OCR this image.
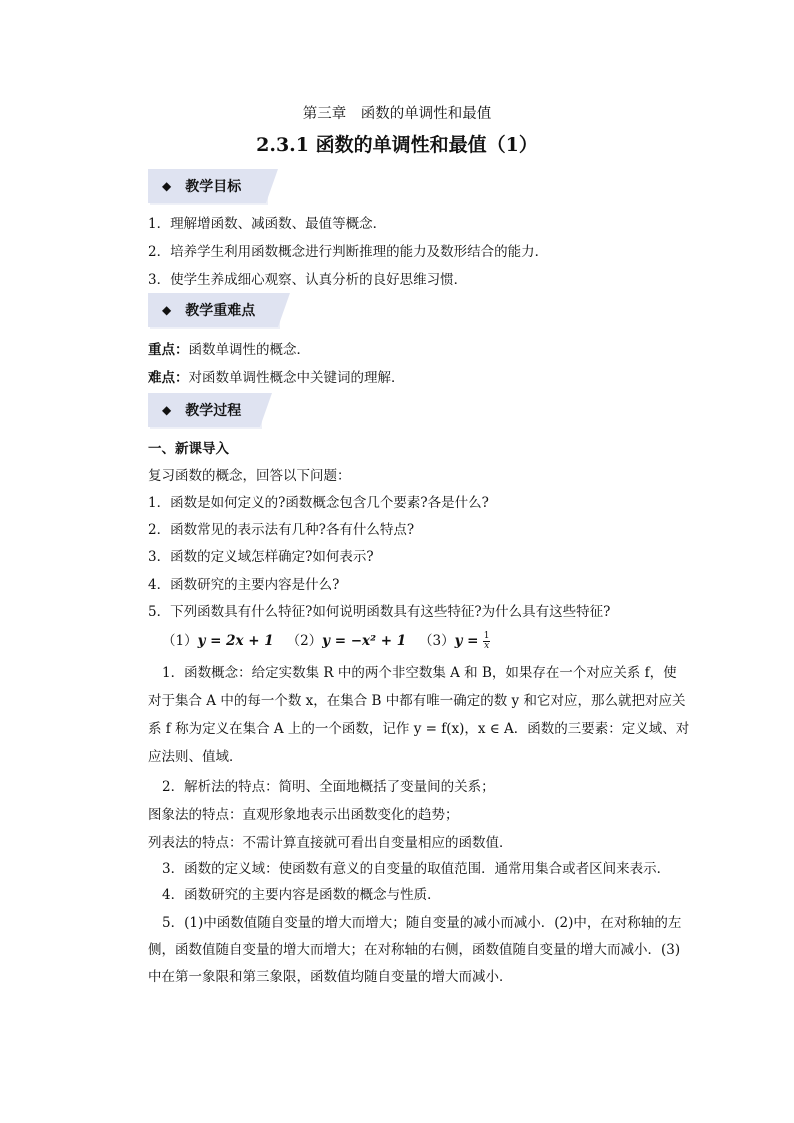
第三章　函数的单调性和最值
2.3.1 函数的单调性和最值（1）
◆ 教学目标
1．理解增函数、减函数、最值等概念．
2．培养学生利用函数概念进行判断推理的能力及数形结合的能力．
3．使学生养成细心观察、认真分析的良好思维习惯．
◆ 教学重难点
重点：函数单调性的概念．
难点：对函数单调性概念中关键词的理解．
◆ 教学过程
一、新课导入
复习函数的概念，回答以下问题：
1．函数是如何定义的?函数概念包含几个要素?各是什么?
2．函数常见的表示法有几种?各有什么特点?
3．函数的定义域怎样确定?如何表示?
4．函数研究的主要内容是什么?
5．下列函数具有什么特征?如何说明函数具有这些特征?为什么具有这些特征?
（1）y = 2x + 1 （2）y = −x² + 1 $(3)y = \frac{1}{x}$
1．函数概念：给定实数集 R 中的两个非空数集 A 和 B，如果存在一个对应关系 f，使
对于集合 A 中的每一个数 x，在集合 B 中都有唯一确定的数 y 和它对应，那么就把对应关
系 f 称为定义在集合 A 上的一个函数，记作 y = f(x)，x ∈ A．函数的三要素：定义域、对
应法则、值域．
2．解析法的特点：简明、全面地概括了变量间的关系；
图象法的特点：直观形象地表示出函数变化的趋势；
列表法的特点：不需计算直接就可看出自变量相应的函数值．
3．函数的定义域：使函数有意义的自变量的取值范围．通常用集合或者区间来表示．
4．函数研究的主要内容是函数的概念与性质．
5．(1)中函数值随自变量的增大而增大；随自变量的减小而减小．(2)中，在对称轴的左
侧，函数值随自变量的增大而增大；在对称轴的右侧，函数值随自变量的增大而减小．(3)
中在第一象限和第三象限，函数值均随自变量的增大而减小．
